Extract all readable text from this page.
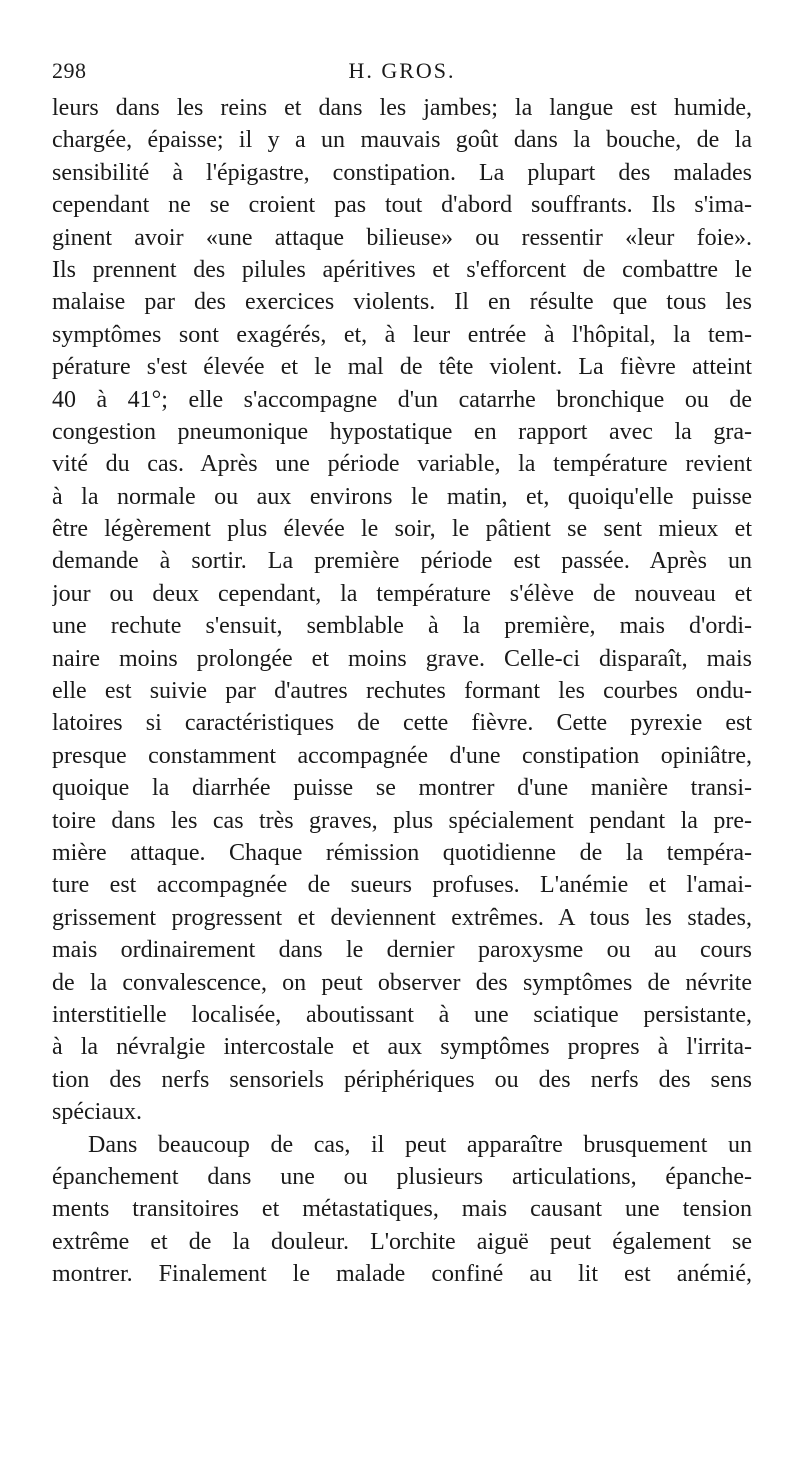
298	H. GROS.
leurs dans les reins et dans les jambes; la langue est humide,
chargée, épaisse; il y a un mauvais goût dans la bouche, de la
sensibilité à l'épigastre, constipation. La plupart des malades
cependant ne se croient pas tout d'abord souffrants. Ils s'ima-
ginent avoir «une attaque bilieuse» ou ressentir «leur foie».
Ils prennent des pilules apéritives et s'efforcent de combattre le
malaise par des exercices violents. Il en résulte que tous les
symptômes sont exagérés, et, à leur entrée à l'hôpital, la tem-
pérature s'est élevée et le mal de tête violent. La fièvre atteint
40 à 41°; elle s'accompagne d'un catarrhe bronchique ou de
congestion pneumonique hypostatique en rapport avec la gra-
vité du cas. Après une période variable, la température revient
à la normale ou aux environs le matin, et, quoiqu'elle puisse
être légèrement plus élevée le soir, le pâtient se sent mieux et
demande à sortir. La première période est passée. Après un
jour ou deux cependant, la température s'élève de nouveau et
une rechute s'ensuit, semblable à la première, mais d'ordi-
naire moins prolongée et moins grave. Celle-ci disparaît, mais
elle est suivie par d'autres rechutes formant les courbes ondu-
latoires si caractéristiques de cette fièvre. Cette pyrexie est
presque constamment accompagnée d'une constipation opiniâtre,
quoique la diarrhée puisse se montrer d'une manière transi-
toire dans les cas très graves, plus spécialement pendant la pre-
mière attaque. Chaque rémission quotidienne de la tempéra-
ture est accompagnée de sueurs profuses. L'anémie et l'amai-
grissement progressent et deviennent extrêmes. A tous les stades,
mais ordinairement dans le dernier paroxysme ou au cours
de la convalescence, on peut observer des symptômes de névrite
interstitielle localisée, aboutissant à une sciatique persistante,
à la névralgie intercostale et aux symptômes propres à l'irrita-
tion des nerfs sensoriels périphériques ou des nerfs des sens
spéciaux.
Dans beaucoup de cas, il peut apparaître brusquement un
épanchement dans une ou plusieurs articulations, épanche-
ments transitoires et métastatiques, mais causant une tension
extrême et de la douleur. L'orchite aiguë peut également se
montrer. Finalement le malade confiné au lit est anémié,
